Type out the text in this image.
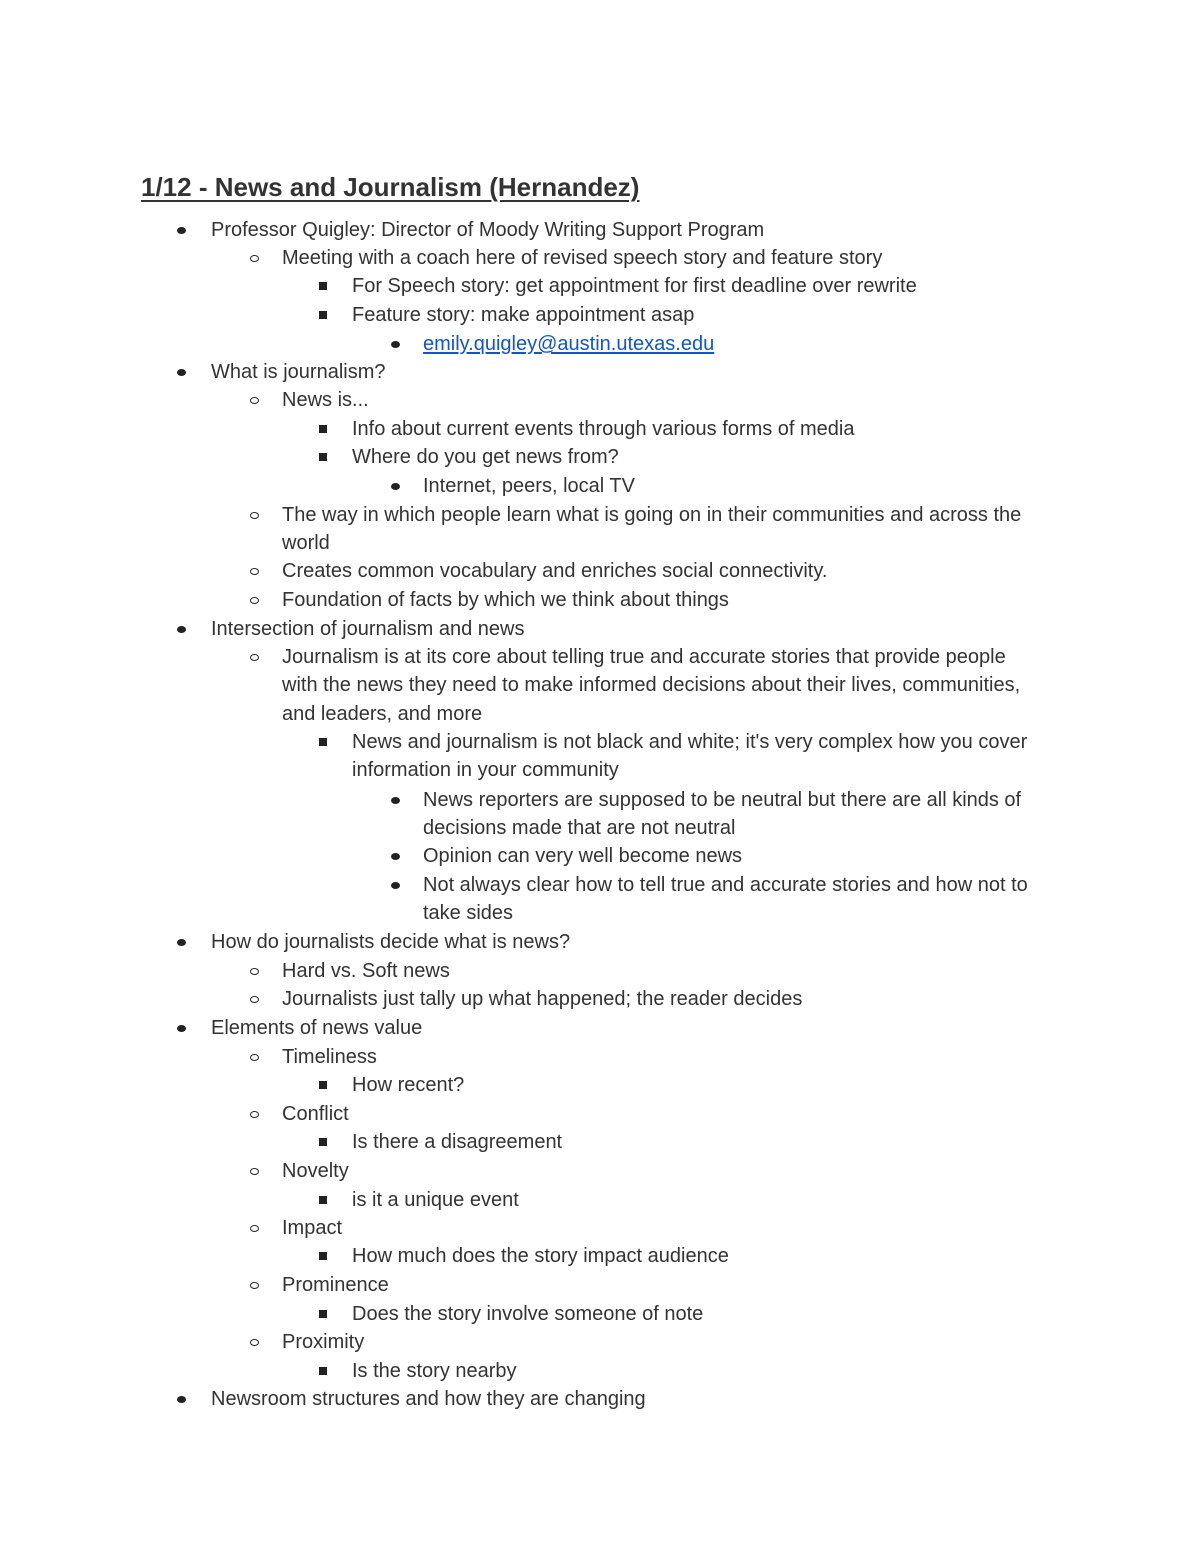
1/12 - News and Journalism (Hernandez)
Professor Quigley: Director of Moody Writing Support Program
Meeting with a coach here of revised speech story and feature story
For Speech story: get appointment for first deadline over rewrite
Feature story: make appointment asap
emily.quigley@austin.utexas.edu
What is journalism?
News is...
Info about current events through various forms of media
Where do you get news from?
Internet, peers, local TV
The way in which people learn what is going on in their communities and across the world
Creates common vocabulary and enriches social connectivity.
Foundation of facts by which we think about things
Intersection of journalism and news
Journalism is at its core about telling true and accurate stories that provide people with the news they need to make informed decisions about their lives, communities, and leaders, and more
News and journalism is not black and white; it's very complex how you cover information in your community
News reporters are supposed to be neutral but there are all kinds of decisions made that are not neutral
Opinion can very well become news
Not always clear how to tell true and accurate stories and how not to take sides
How do journalists decide what is news?
Hard vs. Soft news
Journalists just tally up what happened; the reader decides
Elements of news value
Timeliness
How recent?
Conflict
Is there a disagreement
Novelty
is it a unique event
Impact
How much does the story impact audience
Prominence
Does the story involve someone of note
Proximity
Is the story nearby
Newsroom structures and how they are changing
